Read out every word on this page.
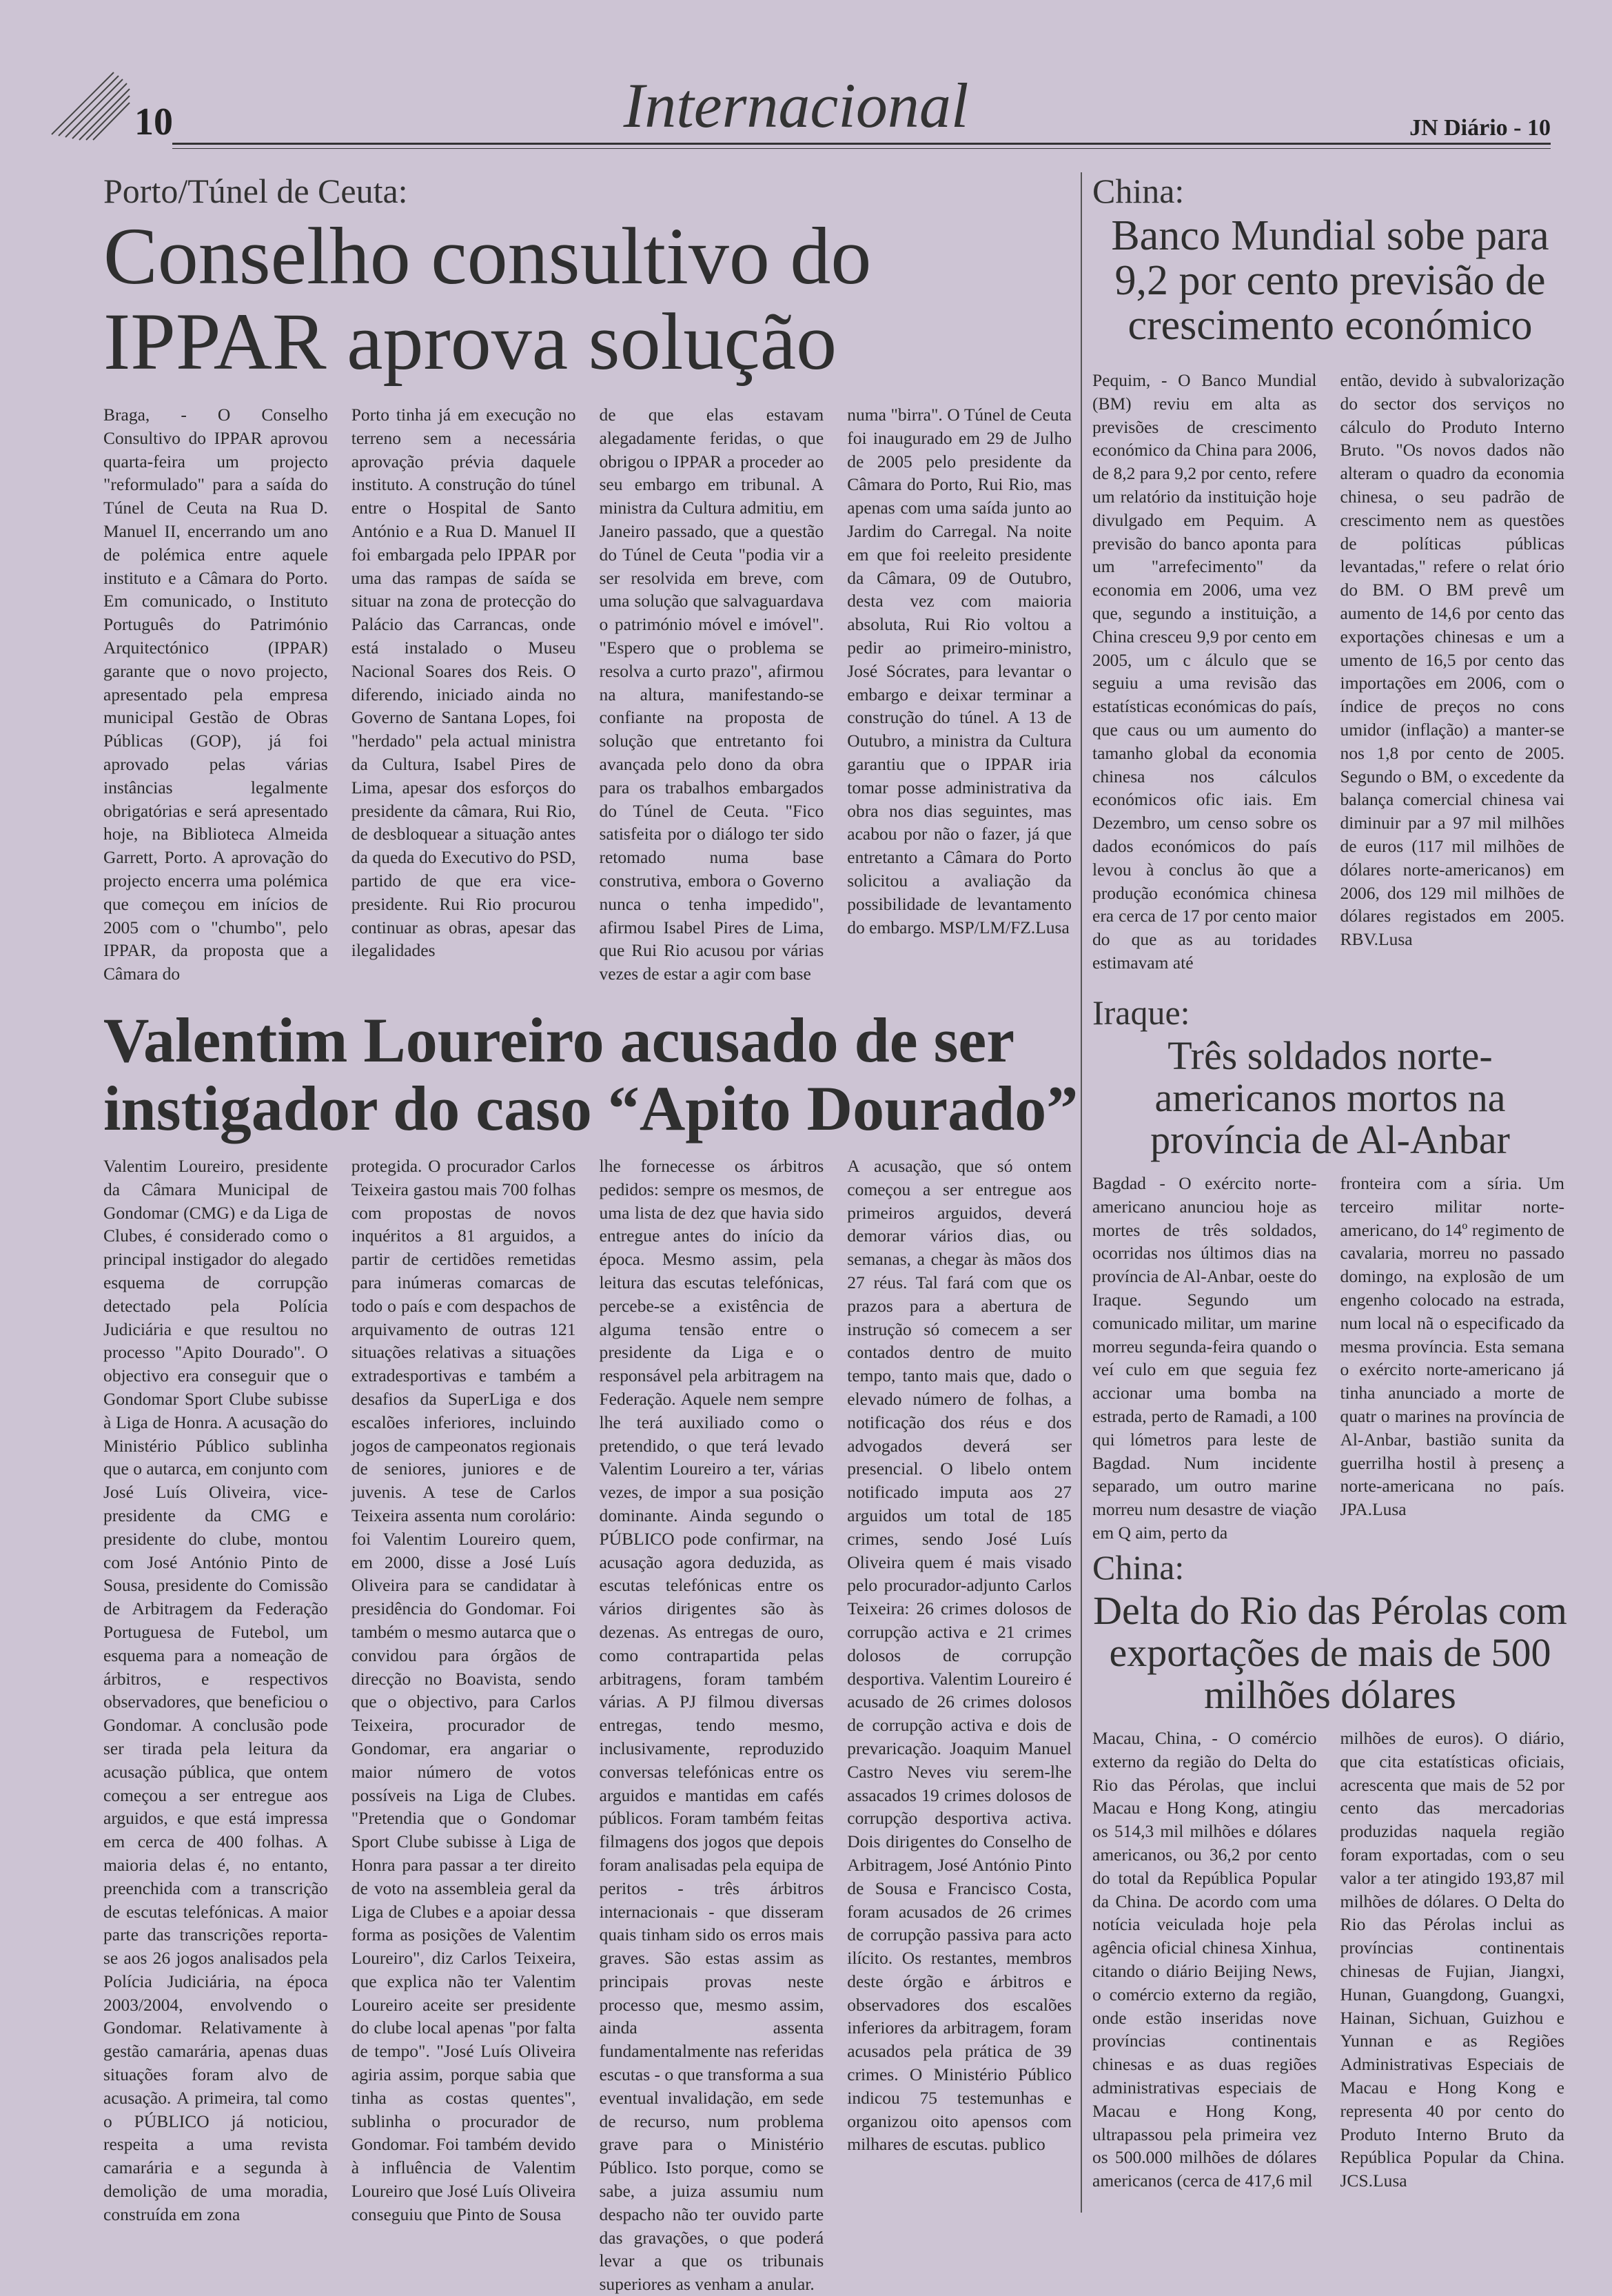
10	Internacional	JN Diário - 10
Porto/Túnel de Ceuta:
Conselho consultivo do IPPAR aprova solução
Braga, - O Conselho Consultivo do IPPAR aprovou quarta-feira um projecto "reformulado" para a saída do Túnel de Ceuta na Rua D. Manuel II, encerrando um ano de polémica entre aquele instituto e a Câmara do Porto. Em comunicado, o Instituto Português do Património Arquitectónico (IPPAR) garante que o novo projecto, apresentado pela empresa municipal Gestão de Obras Públicas (GOP), já foi aprovado pelas várias instâncias legalmente obrigatórias e será apresentado hoje, na Biblioteca Almeida Garrett, Porto. A aprovação do projecto encerra uma polémica que começou em inícios de 2005 com o "chumbo", pelo IPPAR, da proposta que a Câmara do
Porto tinha já em execução no terreno sem a necessária aprovação prévia daquele instituto. A construção do túnel entre o Hospital de Santo António e a Rua D. Manuel II foi embargada pelo IPPAR por uma das rampas de saída se situar na zona de protecção do Palácio das Carrancas, onde está instalado o Museu Nacional Soares dos Reis. O diferendo, iniciado ainda no Governo de Santana Lopes, foi "herdado" pela actual ministra da Cultura, Isabel Pires de Lima, apesar dos esforços do presidente da câmara, Rui Rio, de desbloquear a situação antes da queda do Executivo do PSD, partido de que era vice-presidente. Rui Rio procurou continuar as obras, apesar das ilegalidades
de que elas estavam alegadamente feridas, o que obrigou o IPPAR a proceder ao seu embargo em tribunal. A ministra da Cultura admitiu, em Janeiro passado, que a questão do Túnel de Ceuta "podia vir a ser resolvida em breve, com uma solução que salvaguardava o património móvel e imóvel". "Espero que o problema se resolva a curto prazo", afirmou na altura, manifestando-se confiante na proposta de solução que entretanto foi avançada pelo dono da obra para os trabalhos embargados do Túnel de Ceuta. "Fico satisfeita por o diálogo ter sido retomado numa base construtiva, embora o Governo nunca o tenha impedido", afirmou Isabel Pires de Lima, que Rui Rio acusou por várias vezes de estar a agir com base
numa "birra". O Túnel de Ceuta foi inaugurado em 29 de Julho de 2005 pelo presidente da Câmara do Porto, Rui Rio, mas apenas com uma saída junto ao Jardim do Carregal. Na noite em que foi reeleito presidente da Câmara, 09 de Outubro, desta vez com maioria absoluta, Rui Rio voltou a pedir ao primeiro-ministro, José Sócrates, para levantar o embargo e deixar terminar a construção do túnel. A 13 de Outubro, a ministra da Cultura garantiu que o IPPAR iria tomar posse administrativa da obra nos dias seguintes, mas acabou por não o fazer, já que entretanto a Câmara do Porto solicitou a avaliação da possibilidade de levantamento do embargo. MSP/LM/FZ.Lusa
Valentim Loureiro acusado de ser instigador do caso “Apito Dourado”
Valentim Loureiro, presidente da Câmara Municipal de Gondomar (CMG) e da Liga de Clubes, é considerado como o principal instigador do alegado esquema de corrupção detectado pela Polícia Judiciária e que resultou no processo "Apito Dourado". O objectivo era conseguir que o Gondomar Sport Clube subisse à Liga de Honra. A acusação do Ministério Público sublinha que o autarca, em conjunto com José Luís Oliveira, vice-presidente da CMG e presidente do clube, montou com José António Pinto de Sousa, presidente do Comissão de Arbitragem da Federação Portuguesa de Futebol, um esquema para a nomeação de árbitros, e respectivos observadores, que beneficiou o Gondomar. A conclusão pode ser tirada pela leitura da acusação pública, que ontem começou a ser entregue aos arguidos, e que está impressa em cerca de 400 folhas. A maioria delas é, no entanto, preenchida com a transcrição de escutas telefónicas. A maior parte das transcrições reporta-se aos 26 jogos analisados pela Polícia Judiciária, na época 2003/2004, envolvendo o Gondomar. Relativamente à gestão camarária, apenas duas situações foram alvo de acusação. A primeira, tal como o PÚBLICO já noticiou, respeita a uma revista camarária e a segunda à demolição de uma moradia, construída em zona
protegida. O procurador Carlos Teixeira gastou mais 700 folhas com propostas de novos inquéritos a 81 arguidos, a partir de certidões remetidas para inúmeras comarcas de todo o país e com despachos de arquivamento de outras 121 situações relativas a situações extradesportivas e também a desafios da SuperLiga e dos escalões inferiores, incluindo jogos de campeonatos regionais de seniores, juniores e de juvenis. A tese de Carlos Teixeira assenta num corolário: foi Valentim Loureiro quem, em 2000, disse a José Luís Oliveira para se candidatar à presidência do Gondomar. Foi também o mesmo autarca que o convidou para órgãos de direcção no Boavista, sendo que o objectivo, para Carlos Teixeira, procurador de Gondomar, era angariar o maior número de votos possíveis na Liga de Clubes. "Pretendia que o Gondomar Sport Clube subisse à Liga de Honra para passar a ter direito de voto na assembleia geral da Liga de Clubes e a apoiar dessa forma as posições de Valentim Loureiro", diz Carlos Teixeira, que explica não ter Valentim Loureiro aceite ser presidente do clube local apenas "por falta de tempo". "José Luís Oliveira agiria assim, porque sabia que tinha as costas quentes", sublinha o procurador de Gondomar. Foi também devido à influência de Valentim Loureiro que José Luís Oliveira conseguiu que Pinto de Sousa
lhe fornecesse os árbitros pedidos: sempre os mesmos, de uma lista de dez que havia sido entregue antes do início da época. Mesmo assim, pela leitura das escutas telefónicas, percebe-se a existência de alguma tensão entre o presidente da Liga e o responsável pela arbitragem na Federação. Aquele nem sempre lhe terá auxiliado como o pretendido, o que terá levado Valentim Loureiro a ter, várias vezes, de impor a sua posição dominante. Ainda segundo o PÚBLICO pode confirmar, na acusação agora deduzida, as escutas telefónicas entre os vários dirigentes são às dezenas. As entregas de ouro, como contrapartida pelas arbitragens, foram também várias. A PJ filmou diversas entregas, tendo mesmo, inclusivamente, reproduzido conversas telefónicas entre os arguidos e mantidas em cafés públicos. Foram também feitas filmagens dos jogos que depois foram analisadas pela equipa de peritos - três árbitros internacionais - que disseram quais tinham sido os erros mais graves. São estas assim as principais provas neste processo que, mesmo assim, ainda assenta fundamentalmente nas referidas escutas - o que transforma a sua eventual invalidação, em sede de recurso, num problema grave para o Ministério Público. Isto porque, como se sabe, a juiza assumiu num despacho não ter ouvido parte das gravações, o que poderá levar a que os tribunais superiores as venham a anular.
A acusação, que só ontem começou a ser entregue aos primeiros arguidos, deverá demorar vários dias, ou semanas, a chegar às mãos dos 27 réus. Tal fará com que os prazos para a abertura de instrução só comecem a ser contados dentro de muito tempo, tanto mais que, dado o elevado número de folhas, a notificação dos réus e dos advogados deverá ser presencial. O libelo ontem notificado imputa aos 27 arguidos um total de 185 crimes, sendo José Luís Oliveira quem é mais visado pelo procurador-adjunto Carlos Teixeira: 26 crimes dolosos de corrupção activa e 21 crimes dolosos de corrupção desportiva. Valentim Loureiro é acusado de 26 crimes dolosos de corrupção activa e dois de prevaricação. Joaquim Manuel Castro Neves viu serem-lhe assacados 19 crimes dolosos de corrupção desportiva activa. Dois dirigentes do Conselho de Arbitragem, José António Pinto de Sousa e Francisco Costa, foram acusados de 26 crimes de corrupção passiva para acto ilícito. Os restantes, membros deste órgão e árbitros e observadores dos escalões inferiores da arbitragem, foram acusados pela prática de 39 crimes. O Ministério Público indicou 75 testemunhas e organizou oito apensos com milhares de escutas. publico
China:
Banco Mundial sobe para 9,2 por cento previsão de crescimento económico
Pequim, - O Banco Mundial (BM) reviu em alta as previsões de crescimento económico da China para 2006, de 8,2 para 9,2 por cento, refere um relatório da instituição hoje divulgado em Pequim. A previsão do banco aponta para um "arrefecimento" da economia em 2006, uma vez que, segundo a instituição, a China cresceu 9,9 por cento em 2005, um c álculo que se seguiu a uma revisão das estatísticas económicas do país, que caus ou um aumento do tamanho global da economia chinesa nos cálculos económicos ofic iais. Em Dezembro, um censo sobre os dados económicos do país levou à conclus ão que a produção económica chinesa era cerca de 17 por cento maior do que as au toridades estimavam até
então, devido à subvalorização do sector dos serviços no cálculo do Produto Interno Bruto. "Os novos dados não alteram o quadro da economia chinesa, o seu padrão de crescimento nem as questões de políticas públicas levantadas," refere o relat ório do BM. O BM prevê um aumento de 14,6 por cento das exportações chinesas e um a umento de 16,5 por cento das importações em 2006, com o índice de preços no cons umidor (inflação) a manter-se nos 1,8 por cento de 2005. Segundo o BM, o excedente da balança comercial chinesa vai diminuir par a 97 mil milhões de euros (117 mil milhões de dólares norte-americanos) em 2006, dos 129 mil milhões de dólares registados em 2005. RBV.Lusa
Iraque:
Três soldados norte-americanos mortos na província de Al-Anbar
Bagdad - O exército norte-americano anunciou hoje as mortes de três soldados, ocorridas nos últimos dias na província de Al-Anbar, oeste do Iraque. Segundo um comunicado militar, um marine morreu segunda-feira quando o veí culo em que seguia fez accionar uma bomba na estrada, perto de Ramadi, a 100 qui lómetros para leste de Bagdad. Num incidente separado, um outro marine morreu num desastre de viação em Q aim, perto da
fronteira com a síria. Um terceiro militar norte-americano, do 14º regimento de cavalaria, morreu no passado domingo, na explosão de um engenho colocado na estrada, num local nã o especificado da mesma província. Esta semana o exército norte-americano já tinha anunciado a morte de quatr o marines na província de Al-Anbar, bastião sunita da guerrilha hostil à presenç a norte-americana no país. JPA.Lusa
China:
Delta do Rio das Pérolas com exportações de mais de 500 milhões dólares
Macau, China, - O comércio externo da região do Delta do Rio das Pérolas, que inclui Macau e Hong Kong, atingiu os 514,3 mil milhões e dólares americanos, ou 36,2 por cento do total da República Popular da China. De acordo com uma notícia veiculada hoje pela agência oficial chinesa Xinhua, citando o diário Beijing News, o comércio externo da região, onde estão inseridas nove províncias continentais chinesas e as duas regiões administrativas especiais de Macau e Hong Kong, ultrapassou pela primeira vez os 500.000 milhões de dólares americanos (cerca de 417,6 mil
milhões de euros). O diário, que cita estatísticas oficiais, acrescenta que mais de 52 por cento das mercadorias produzidas naquela região foram exportadas, com o seu valor a ter atingido 193,87 mil milhões de dólares. O Delta do Rio das Pérolas inclui as províncias continentais chinesas de Fujian, Jiangxi, Hunan, Guangdong, Guangxi, Hainan, Sichuan, Guizhou e Yunnan e as Regiões Administrativas Especiais de Macau e Hong Kong e representa 40 por cento do Produto Interno Bruto da República Popular da China. JCS.Lusa
